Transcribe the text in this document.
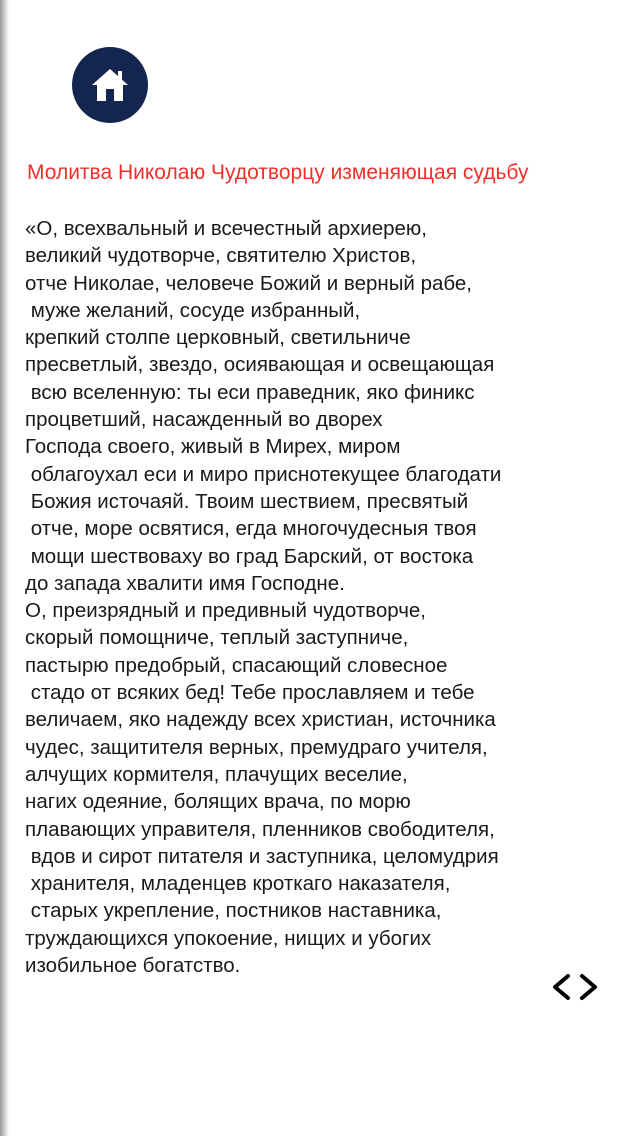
Молитва Николаю Чудотворцу изменяющая судьбу
«О, всехвальный и всечестный архиерею,
великий чудотворче, святителю Христов,
отче Николае, человече Божий и верный рабе,
муже желаний, сосуде избранный,
крепкий столпе церковный, светильниче
пресветлый, звездо, осиявающая и освещающая
всю вселенную: ты еси праведник, яко финикс
процветший, насажденный во дворех
Господа своего, живый в Мирех, миром
облагоухал еси и миро приснотекущее благодати
Божия источаяй. Твоим шествием, пресвятый
отче, море освятися, егда многочудесныя твоя
мощи шествоваху во град Барский, от востока
до запада хвалити имя Господне.
О, преизрядный и предивный чудотворче,
скорый помощниче, теплый заступниче,
пастырю предобрый, спасающий словесное
стадо от всяких бед! Тебе прославляем и тебе
величаем, яко надежду всех христиан, источника
чудес, защитителя верных, премудраго учителя,
алчущих кормителя, плачущих веселие,
нагих одеяние, болящих врача, по морю
плавающих управителя, пленников свободителя,
вдов и сирот питателя и заступника, целомудрия
хранителя, младенцев кроткаго наказателя,
старых укрепление, постников наставника,
труждающихся упокоение, нищих и убогих
изобильное богатство.
